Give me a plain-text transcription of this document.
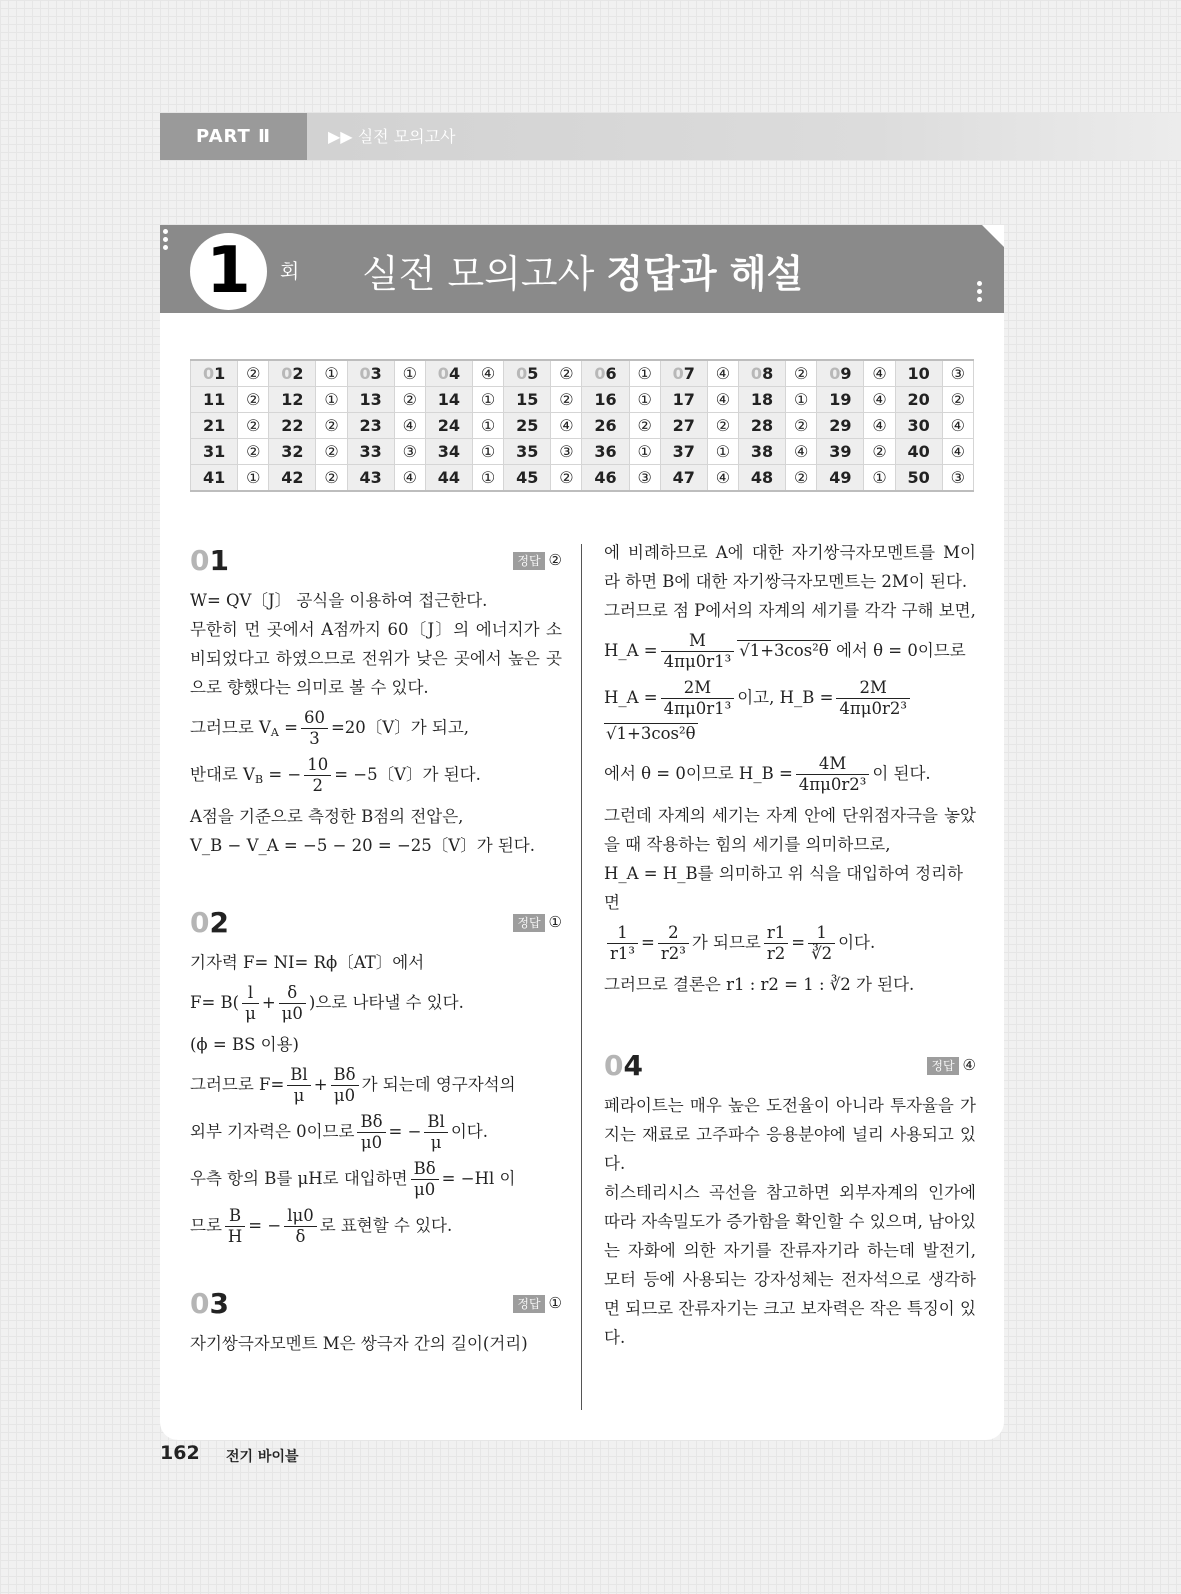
PART Ⅱ	▶▶ 실전 모의고사
1	회 실전 모의고사 정답과 해설
01	②	02	①	03	①	04	④	05	②	06	①	07	④	08	②	09	④	10	③
11	②	12	①	13	②	14	①	15	②	16	①	17	④	18	①	19	④	20	②
21	②	22	②	23	④	24	①	25	④	26	②	27	②	28	②	29	④	30	④
31	②	32	②	33	③	34	①	35	③	36	①	37	①	38	④	39	②	40	④
41	①	42	②	43	④	44	①	45	②	46	③	47	④	48	②	49	①	50	③
01	정답 ②

W= QV〔J〕 공식을 이용하여 접근한다.

무한히 먼 곳에서 A점까지 60〔J〕의 에너지가 소비되었다고 하였으므로 전위가 낮은 곳에서 높은 곳으로 향했다는 의미로 볼 수 있다.

그러므로 $V_A = \frac{60}{3} =20$〔V〕가 되고,
반대로 $V_B$ = − $\frac{10}{2} = -5$〔V〕가 된다.

A점을 기준으로 측정한 B점의 전압은,

V_B − V_A = −5 − 20 = −25〔V〕가 된다.

02	정답 ①

기자력 F= NI= Rϕ〔AT〕에서

$F= B( \frac{l}{\mu} + \frac{\delta}{\mu 0}$ )으로 나타낼 수 있다.

(ϕ = BS 이용)

그러므로 $F= \frac{Bl}{\mu} + \frac{B\delta}{\mu 0}$ 가 되는데 영구자석의
외부 기자력은 0이므로 $\frac{B\delta}{\mu 0}$ = − $\frac{Bl}{\mu}$ 이다.
우측 항의 B를 μH로 대입하면 $\frac{B\delta}{\mu 0} = -Hl$ 이
므로 $\frac{B}{H}$ = − $\frac{l\mu 0}{\delta}$ 로 표현할 수 있다.
03	정답 ①

자기쌍극자모멘트 M은 쌍극자 간의 길이(거리)

에 비례하므로 A에 대한 자기쌍극자모멘트를 M이라 하면 B에 대한 자기쌍극자모멘트는 2M이 된다.

그러므로 점 P에서의 자계의 세기를 각각 구해 보면,

H_A = $\frac{M}{\text{4πμ0r1³}} √1+3\cos^2\theta$ 에서 θ = 0이므로
H_A = $\frac{2M}{\text{4πμ0r1³}}$ 이고, H_B = $\frac{2M}{\text{4πμ0r2³}}$
√1+3cos²θ
에서 θ = 0이므로 H_B = $\frac{4M}{\text{4πμ0r2³}}$ 이 된다.

그런데 자계의 세기는 자계 안에 단위점자극을 놓았을 때 작용하는 힘의 세기를 의미하므로,

H_A = H_B를 의미하고 위 식을 대입하여 정리하면

$\frac{1}{\text{r1³}} = \frac{2}{\text{r2³}}$ 가 되므로 $\frac{r1}{r2} = \frac{1}{∛2}$ 이다.

그러므로 결론은 r1 : r2 = 1 : ∛2 가 된다.

04	정답 ④

페라이트는 매우 높은 도전율이 아니라 투자율을 가지는 재료로 고주파수 응용분야에 널리 사용되고 있다.

히스테리시스 곡선을 참고하면 외부자계의 인가에 따라 자속밀도가 증가함을 확인할 수 있으며, 남아있는 자화에 의한 자기를 잔류자기라 하는데 발전기, 모터 등에 사용되는 강자성체는 전자석으로 생각하면 되므로 잔류자기는 크고 보자력은 작은 특징이 있다.

162 전기 바이블
